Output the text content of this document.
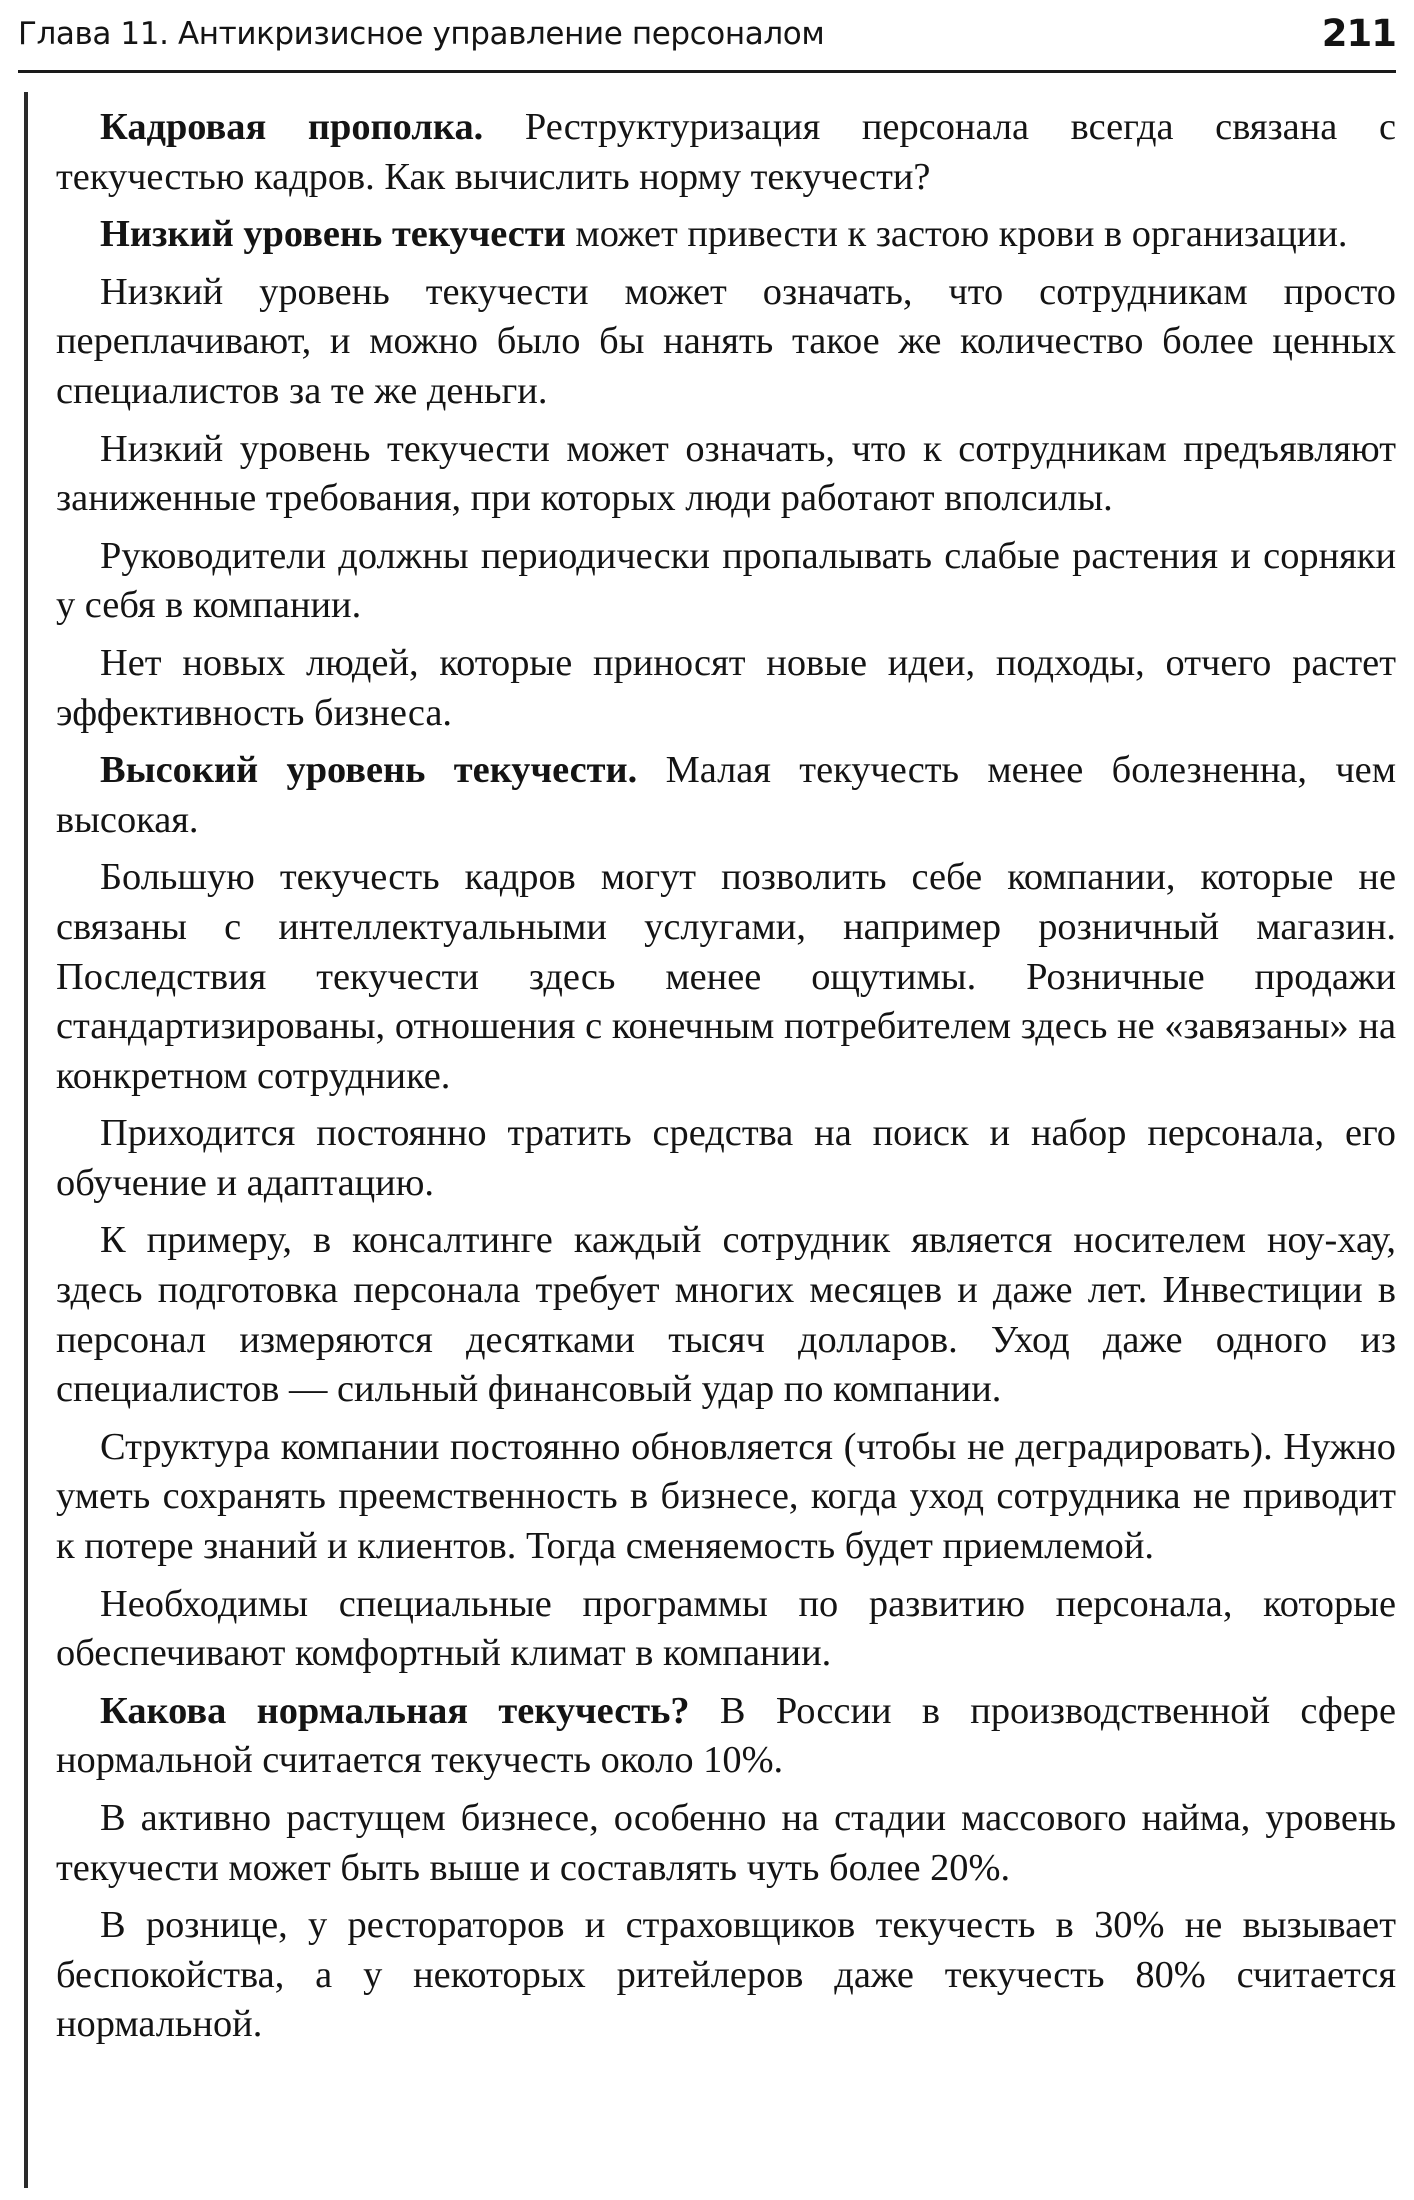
Глава 11. Антикризисное управление персоналом	211

Кадровая прополка. Реструктуризация персонала всегда связана с текучестью кадров. Как вычислить норму текучести?

Низкий уровень текучести может привести к застою крови в организации.

Низкий уровень текучести может означать, что сотрудникам просто переплачивают, и можно было бы нанять такое же количество более ценных специалистов за те же деньги.

Низкий уровень текучести может означать, что к сотрудникам предъявляют заниженные требования, при которых люди работают вполсилы.

Руководители должны периодически пропалывать слабые растения и сорняки у себя в компании.

Нет новых людей, которые приносят новые идеи, подходы, отчего растет эффективность бизнеса.

Высокий уровень текучести. Малая текучесть менее болезненна, чем высокая.

Большую текучесть кадров могут позволить себе компании, которые не связаны с интеллектуальными услугами, например розничный магазин. Последствия текучести здесь менее ощутимы. Розничные продажи стандартизированы, отношения с конечным потребителем здесь не «завязаны» на конкретном сотруднике.

Приходится постоянно тратить средства на поиск и набор персонала, его обучение и адаптацию.

К примеру, в консалтинге каждый сотрудник является носителем ноу-хау, здесь подготовка персонала требует многих месяцев и даже лет. Инвестиции в персонал измеряются десятками тысяч долларов. Уход даже одного из специалистов — сильный финансовый удар по компании.

Структура компании постоянно обновляется (чтобы не деградировать). Нужно уметь сохранять преемственность в бизнесе, когда уход сотрудника не приводит к потере знаний и клиентов. Тогда сменяемость будет приемлемой.

Необходимы специальные программы по развитию персонала, которые обеспечивают комфортный климат в компании.

Какова нормальная текучесть? В России в производственной сфере нормальной считается текучесть около 10%.

В активно растущем бизнесе, особенно на стадии массового найма, уровень текучести может быть выше и составлять чуть более 20%.

В рознице, у рестораторов и страховщиков текучесть в 30% не вызывает беспокойства, а у некоторых ритейлеров даже текучесть 80% считается нормальной.
